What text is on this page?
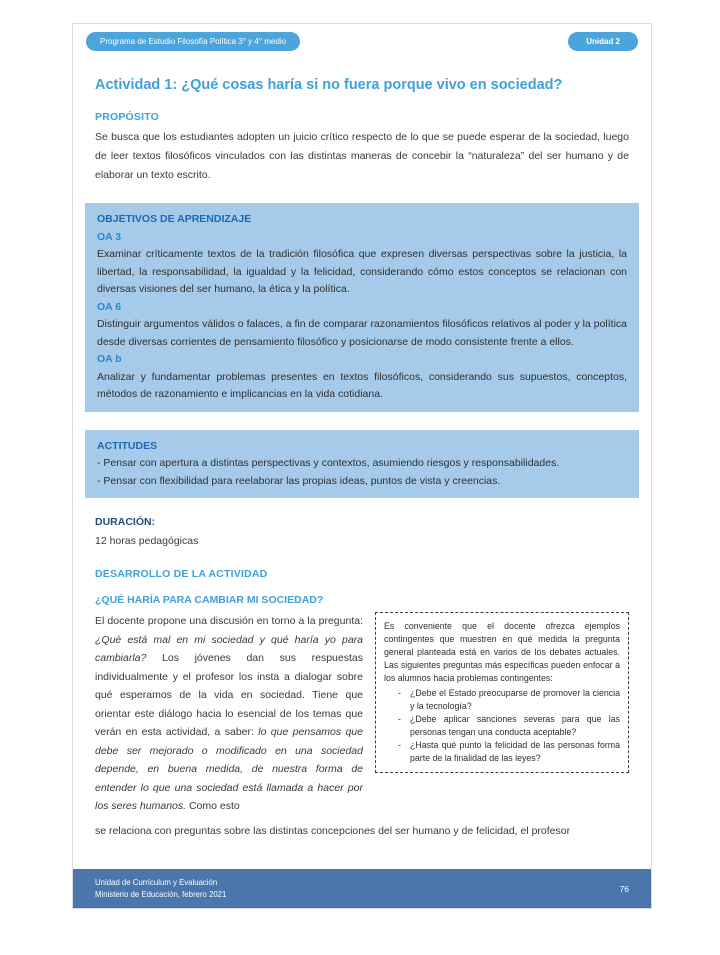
Programa de Estudio Filosofía Política 3° y 4° medio	Unidad 2
Actividad 1: ¿Qué cosas haría si no fuera porque vivo en sociedad?
PROPÓSITO

Se busca que los estudiantes adopten un juicio crítico respecto de lo que se puede esperar de la sociedad, luego de leer textos filosóficos vinculados con las distintas maneras de concebir la “naturaleza” del ser humano y de elaborar un texto escrito.

OBJETIVOS DE APRENDIZAJE
OA 3

Examinar críticamente textos de la tradición filosófica que expresen diversas perspectivas sobre la justicia, la libertad, la responsabilidad, la igualdad y la felicidad, considerando cómo estos conceptos se relacionan con diversas visiones del ser humano, la ética y la política.

OA 6

Distinguir argumentos válidos o falaces, a fin de comparar razonamientos filosóficos relativos al poder y la política desde diversas corrientes de pensamiento filosófico y posicionarse de modo consistente frente a ellos.

OA b

Analizar y fundamentar problemas presentes en textos filosóficos, considerando sus supuestos, conceptos, métodos de razonamiento e implicancias en la vida cotidiana.

ACTITUDES

- Pensar con apertura a distintas perspectivas y contextos, asumiendo riesgos y responsabilidades.

- Pensar con flexibilidad para reelaborar las propias ideas, puntos de vista y creencias.

DURACIÓN:

12 horas pedagógicas

DESARROLLO DE LA ACTIVIDAD
¿QUÉ HARÍA PARA CAMBIAR MI SOCIEDAD?

El docente propone una discusión en torno a la pregunta: ¿Qué está mal en mi sociedad y qué haría yo para cambiarla? Los jóvenes dan sus respuestas individualmente y el profesor los insta a dialogar sobre qué esperamos de la vida en sociedad. Tiene que orientar este diálogo hacia lo esencial de los temas que verán en esta actividad, a saber: lo que pensamos que debe ser mejorado o modificado en una sociedad depende, en buena medida, de nuestra forma de entender lo que una sociedad está llamada a hacer por los seres humanos. Como esto

Es conveniente que el docente ofrezca ejemplos contingentes que muestren en qué medida la pregunta general planteada está en varios de los debates actuales. Las siguientes preguntas más específicas pueden enfocar a los alumnos hacia problemas contingentes:

-	¿Debe el Estado preocuparse de promover la ciencia y la tecnología?
-	¿Debe aplicar sanciones severas para que las personas tengan una conducta aceptable?
-	¿Hasta qué punto la felicidad de las personas forma parte de la finalidad de las leyes?

se relaciona con preguntas sobre las distintas concepciones del ser humano y de felicidad, el profesor

Unidad de Currículum y Evaluación
Ministerio de Educación, febrero 2021
76
